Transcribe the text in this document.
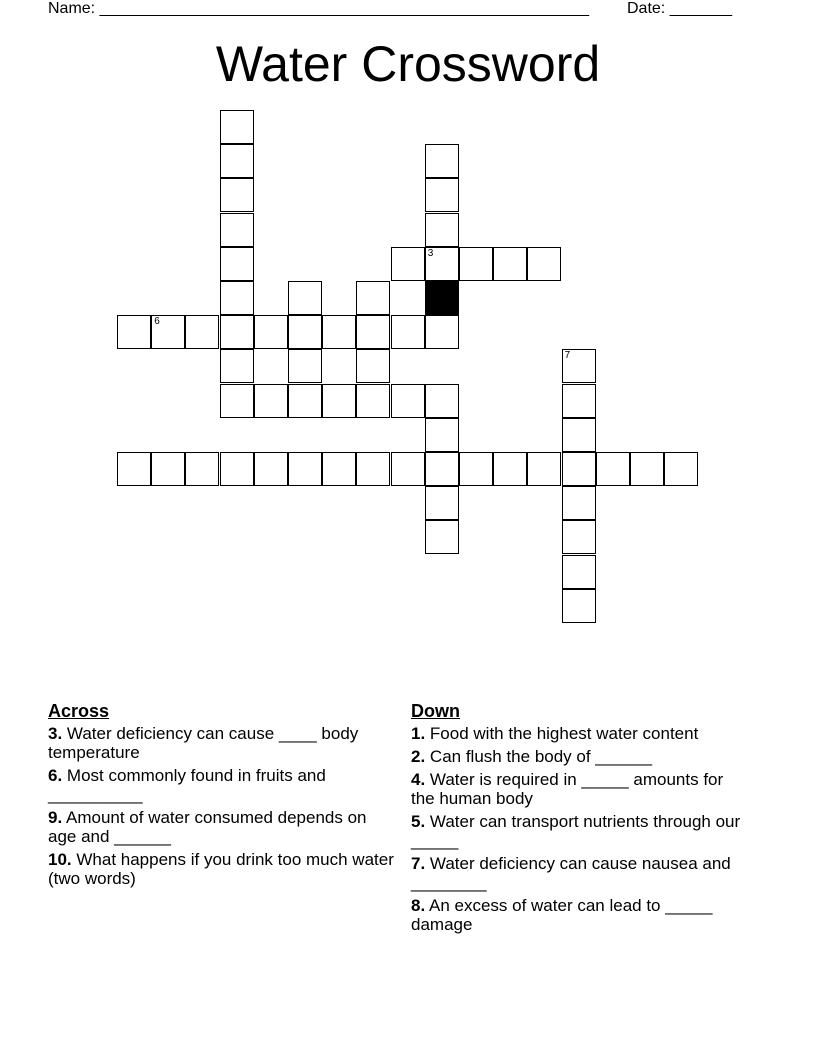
Name: _______________________________________________________ Date: _______
Water Crossword
3
6
7
Across
3. Water deficiency can cause ____ body temperature
6. Most commonly found in fruits and __________
9. Amount of water consumed depends on age and ______
10. What happens if you drink too much water (two words)
Down
1. Food with the highest water content
2. Can flush the body of ______
4. Water is required in _____ amounts for the human body
5. Water can transport nutrients through our _____
7. Water deficiency can cause nausea and ________
8. An excess of water can lead to _____ damage
